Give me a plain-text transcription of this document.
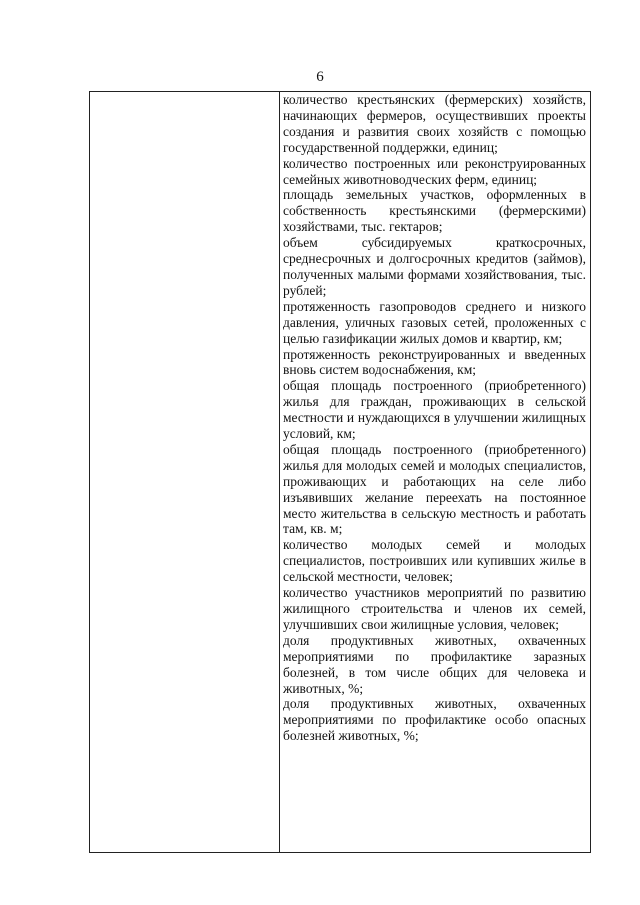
6

количество крестьянских (фермерских) хозяйств, начинающих фермеров, осуществивших проекты создания и развития своих хозяйств с помощью государственной поддержки, единиц;

количество построенных или реконструированных семейных животноводческих ферм, единиц;

площадь земельных участков, оформленных в собственность крестьянскими (фермерскими) хозяйствами, тыс. гектаров;

объем субсидируемых краткосрочных, среднесрочных и долгосрочных кредитов (займов), полученных малыми формами хозяйствования, тыс. рублей;

протяженность газопроводов среднего и низкого давления, уличных газовых сетей, проложенных с целью газификации жилых домов и квартир, км;

протяженность реконструированных и введенных вновь систем водоснабжения, км;

общая площадь построенного (приобретенного) жилья для граждан, проживающих в сельской местности и нуждающихся в улучшении жилищных условий, км;

общая площадь построенного (приобретенного) жилья для молодых семей и молодых специалистов, проживающих и работающих на селе либо изъявивших желание переехать на постоянное место жительства в сельскую местность и работать там, кв. м;

количество молодых семей и молодых специалистов, построивших или купивших жилье в сельской местности, человек;

количество участников мероприятий по развитию жилищного строительства и членов их семей, улучшивших свои жилищные условия, человек;

доля продуктивных животных, охваченных мероприятиями по профилактике заразных болезней, в том числе общих для человека и животных, %;

доля продуктивных животных, охваченных мероприятиями по профилактике особо опасных болезней животных, %;
